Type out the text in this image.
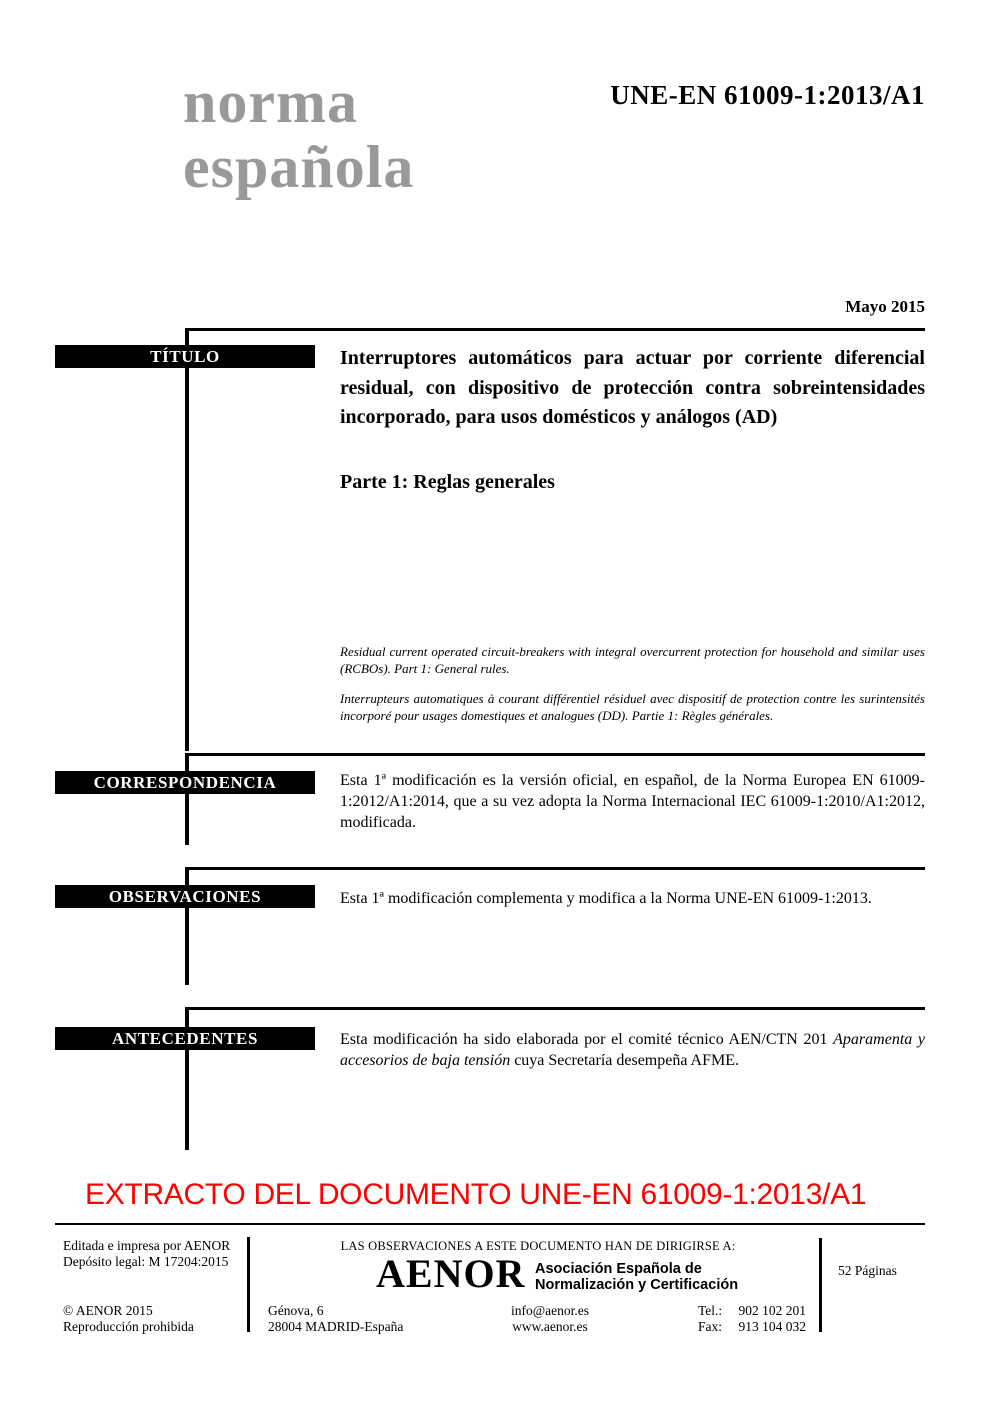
norma
española
UNE-EN 61009-1:2013/A1
Mayo 2015
TÍTULO	Interruptores automáticos para actuar por corriente diferencial residual, con dispositivo de protección contra sobreintensidades incorporado, para usos domésticos y análogos (AD)
Parte 1: Reglas generales
Residual current operated circuit-breakers with integral overcurrent protection for household and similar uses (RCBOs). Part 1: General rules.
Interrupteurs automatiques à courant différentiel résiduel avec dispositif de protection contre les surintensités incorporé pour usages domestiques et analogues (DD). Partie 1: Règles générales.
CORRESPONDENCIA	Esta 1ª modificación es la versión oficial, en español, de la Norma Europea EN 61009-1:2012/A1:2014, que a su vez adopta la Norma Internacional IEC 61009-1:2010/A1:2012, modificada.
OBSERVACIONES	Esta 1ª modificación complementa y modifica a la Norma UNE-EN 61009-1:2013.
ANTECEDENTES	Esta modificación ha sido elaborada por el comité técnico AEN/CTN 201 Aparamenta y accesorios de baja tensión cuya Secretaría desempeña AFME.
EXTRACTO DEL DOCUMENTO UNE-EN 61009-1:2013/A1
Editada e impresa por AENOR
Depósito legal: M 17204:2015
© AENOR 2015
Reproducción prohibida
LAS OBSERVACIONES A ESTE DOCUMENTO HAN DE DIRIGIRSE A:
AENOR Asociación Española de
Normalización y Certificación
Génova, 6
28004 MADRID-España
info@aenor.es
www.aenor.es
Tel.: 902 102 201
Fax: 913 104 032
52 Páginas
